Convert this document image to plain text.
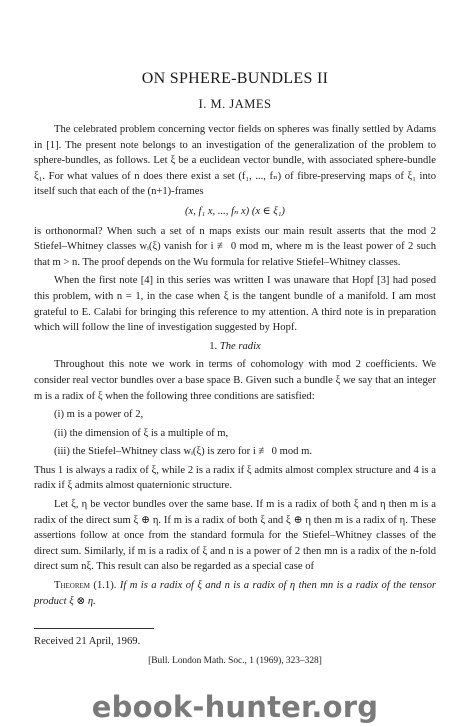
ON SPHERE-BUNDLES II
I. M. JAMES

The celebrated problem concerning vector fields on spheres was finally settled by Adams in [1]. The present note belongs to an investigation of the generalization of the problem to sphere-bundles, as follows. Let ξ be a euclidean vector bundle, with associated sphere-bundle ξ₁. For what values of n does there exist a set (f₁, ..., fₙ) of fibre-preserving maps of ξ₁ into itself such that each of the (n+1)-frames

(x, f₁ x, ..., fₙ x) (x ∈ ξ₁)

is orthonormal? When such a set of n maps exists our main result asserts that the mod 2 Stiefel–Whitney classes wᵢ(ξ) vanish for i ≢ 0 mod m, where m is the least power of 2 such that m > n. The proof depends on the Wu formula for relative Stiefel–Whitney classes.

When the first note [4] in this series was written I was unaware that Hopf [3] had posed this problem, with n = 1, in the case when ξ is the tangent bundle of a manifold. I am most grateful to E. Calabi for bringing this reference to my attention. A third note is in preparation which will follow the line of investigation suggested by Hopf.

1. The radix

Throughout this note we work in terms of cohomology with mod 2 coefficients. We consider real vector bundles over a base space B. Given such a bundle ξ we say that an integer m is a radix of ξ when the following three conditions are satisfied:

(i) m is a power of 2,
(ii) the dimension of ξ is a multiple of m,
(iii) the Stiefel–Whitney class wᵢ(ξ) is zero for i ≢ 0 mod m.

Thus 1 is always a radix of ξ, while 2 is a radix if ξ admits almost complex structure and 4 is a radix if ξ admits almost quaternionic structure.

Let ξ, η be vector bundles over the same base. If m is a radix of both ξ and η then m is a radix of the direct sum ξ ⊕ η. If m is a radix of both ξ and ξ ⊕ η then m is a radix of η. These assertions follow at once from the standard formula for the Stiefel–Whitney classes of the direct sum. Similarly, if m is a radix of ξ and n is a power of 2 then mn is a radix of the n-fold direct sum nξ. This result can also be regarded as a special case of

Theorem (1.1). If m is a radix of ξ and n is a radix of η then mn is a radix of the tensor product ξ ⊗ η.

Received 21 April, 1969.
[Bull. London Math. Soc., 1 (1969), 323–328]
ebook-hunter.org
